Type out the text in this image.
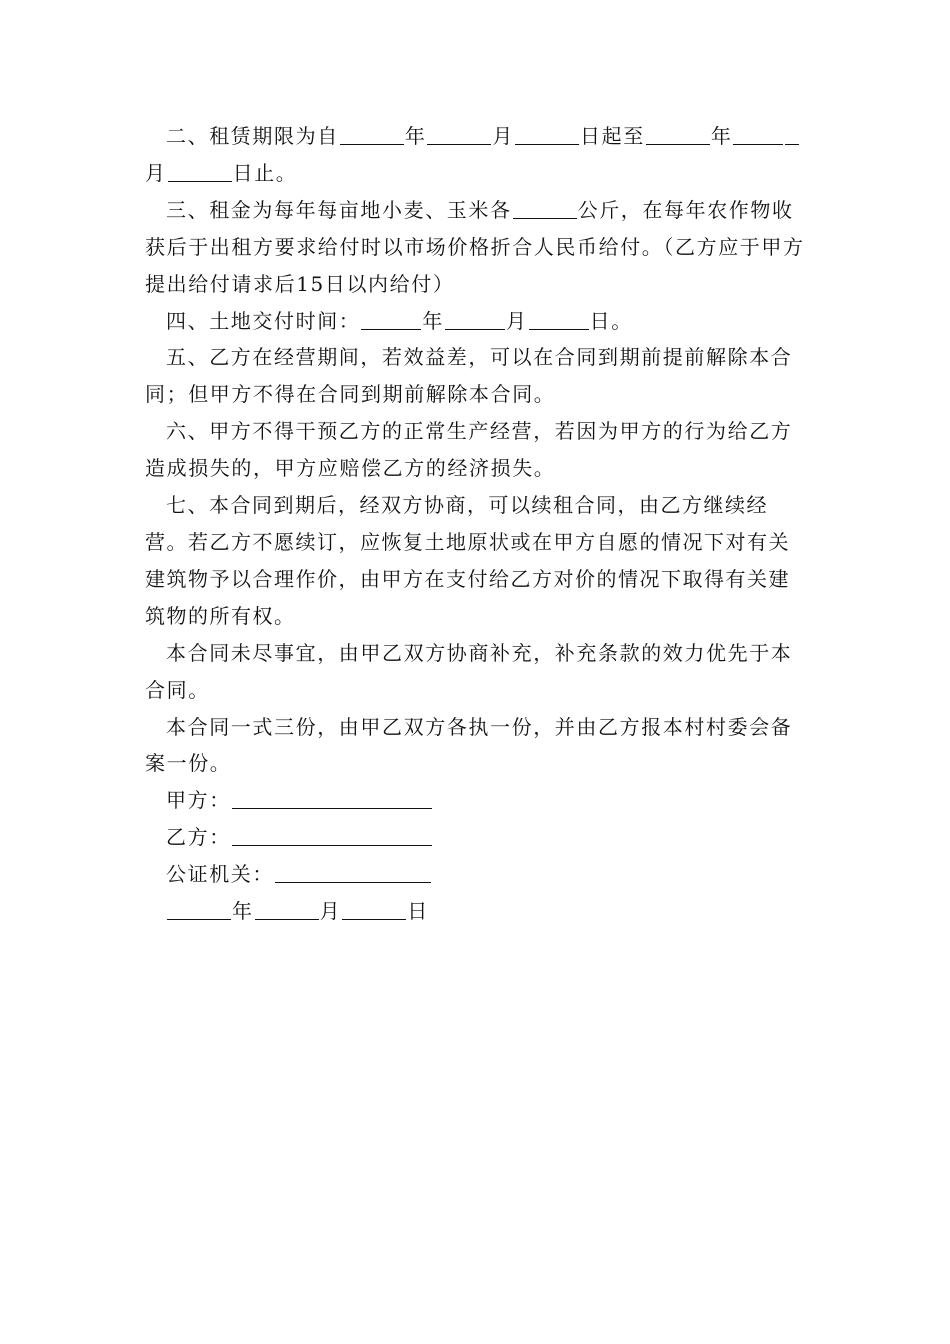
二、租赁期限为自	年	月	日起至	年月	日止。

三、租金为每年每亩地小麦、玉米各	公斤，在每年农作物收获后于出租方要求给付时以市场价格折合人民币给付。（乙方应于甲方提出给付请求后15日以内给付）

四、土地交付时间：	年	月	日。

五、乙方在经营期间，若效益差，可以在合同到期前提前解除本合同；但甲方不得在合同到期前解除本合同。

六、甲方不得干预乙方的正常生产经营，若因为甲方的行为给乙方造成损失的，甲方应赔偿乙方的经济损失。

七、本合同到期后，经双方协商，可以续租合同，由乙方继续经营。若乙方不愿续订，应恢复土地原状或在甲方自愿的情况下对有关建筑物予以合理作价，由甲方在支付给乙方对价的情况下取得有关建筑物的所有权。

本合同未尽事宜，由甲乙双方协商补充，补充条款的效力优先于本合同。

本合同一式三份，由甲乙双方各执一份，并由乙方报本村村委会备案一份。

甲方：

乙方：

公证机关：

年	月	日
